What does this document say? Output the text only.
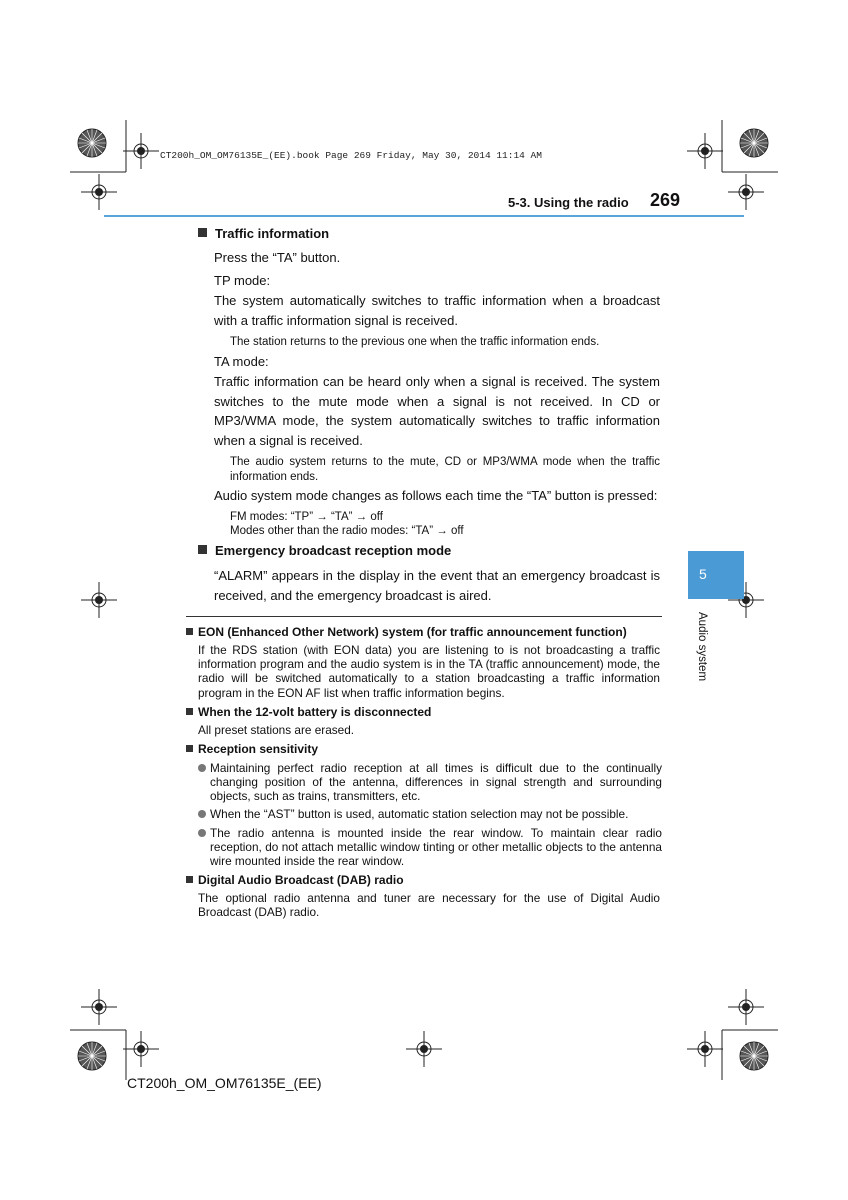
CT200h_OM_OM76135E_(EE).book Page 269 Friday, May 30, 2014 11:14 AM
5-3. Using the radio 269
5
Audio system
Traffic information
Press the “TA” button.
TP mode:
The system automatically switches to traffic information when a broadcast with a traffic information signal is received.
The station returns to the previous one when the traffic information ends.
TA mode:
Traffic information can be heard only when a signal is received. The system switches to the mute mode when a signal is not received. In CD or MP3/WMA mode, the system automatically switches to traffic information when a signal is received.
The audio system returns to the mute, CD or MP3/WMA mode when the traffic information ends.
Audio system mode changes as follows each time the “TA” button is pressed:
FM modes: “TP” → “TA” → off
Modes other than the radio modes: “TA” → off
Emergency broadcast reception mode
“ALARM” appears in the display in the event that an emergency broadcast is received, and the emergency broadcast is aired.
EON (Enhanced Other Network) system (for traffic announcement function)
If the RDS station (with EON data) you are listening to is not broadcasting a traffic information program and the audio system is in the TA (traffic announcement) mode, the radio will be switched automatically to a station broadcasting a traffic information program in the EON AF list when traffic information begins.
When the 12-volt battery is disconnected
All preset stations are erased.
Reception sensitivity
Maintaining perfect radio reception at all times is difficult due to the continually changing position of the antenna, differences in signal strength and surrounding objects, such as trains, transmitters, etc.
When the “AST” button is used, automatic station selection may not be possible.
The radio antenna is mounted inside the rear window. To maintain clear radio reception, do not attach metallic window tinting or other metallic objects to the antenna wire mounted inside the rear window.
Digital Audio Broadcast (DAB) radio
The optional radio antenna and tuner are necessary for the use of Digital Audio Broadcast (DAB) radio.
CT200h_OM_OM76135E_(EE)
